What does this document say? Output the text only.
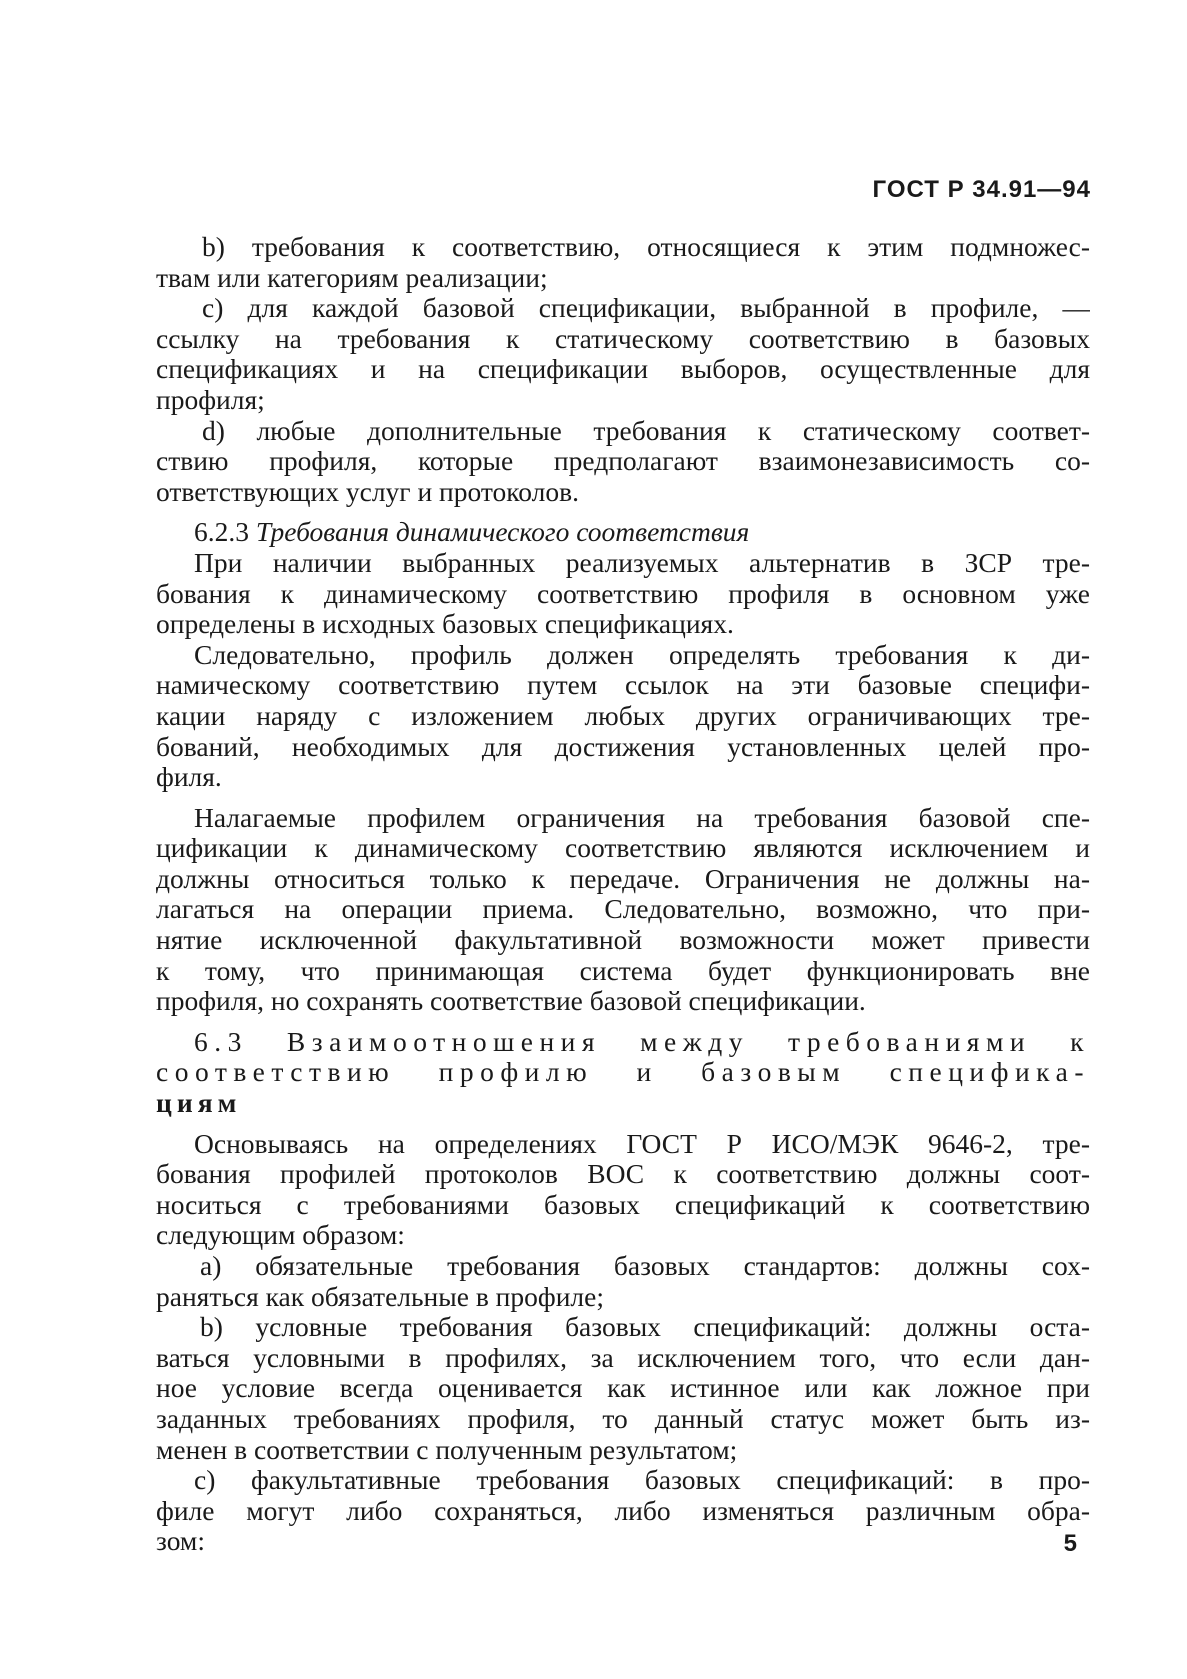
ГОСТ Р 34.91—94
b) требования к соответствию, относящиеся к этим подмножес-
твам или категориям реализации;
c) для каждой базовой спецификации, выбранной в профиле, —
ссылку на требования к статическому соответствию в базовых
спецификациях и на спецификации выборов, осуществленные для
профиля;
d) любые дополнительные требования к статическому соответ-
ствию профиля, которые предполагают взаимонезависимость со-
ответствующих услуг и протоколов.
6.2.3 Требования динамического соответствия
При наличии выбранных реализуемых альтернатив в ЗСР тре-
бования к динамическому соответствию профиля в основном уже
определены в исходных базовых спецификациях.
Следовательно, профиль должен определять требования к ди-
намическому соответствию путем ссылок на эти базовые специфи-
кации наряду с изложением любых других ограничивающих тре-
бований, необходимых для достижения установленных целей про-
филя.
Налагаемые профилем ограничения на требования базовой спе-
цификации к динамическому соответствию являются исключением и
должны относиться только к передаче. Ограничения не должны на-
лагаться на операции приема. Следовательно, возможно, что при-
нятие исключенной факультативной возможности может привести
к тому, что принимающая система будет функционировать вне
профиля, но сохранять соответствие базовой спецификации.
6.3 Взаимоотношения между требованиями к
соответствию профилю и базовым специфика-
циям
Основываясь на определениях ГОСТ Р ИСО/МЭК 9646-2, тре-
бования профилей протоколов ВОС к соответствию должны соот-
носиться с требованиями базовых спецификаций к соответствию
следующим образом:
a) обязательные требования базовых стандартов: должны сох-
раняться как обязательные в профиле;
b) условные требования базовых спецификаций: должны оста-
ваться условными в профилях, за исключением того, что если дан-
ное условие всегда оценивается как истинное или как ложное при
заданных требованиях профиля, то данный статус может быть из-
менен в соответствии с полученным результатом;
c) факультативные требования базовых спецификаций: в про-
филе могут либо сохраняться, либо изменяться различным обра-
зом:	5
